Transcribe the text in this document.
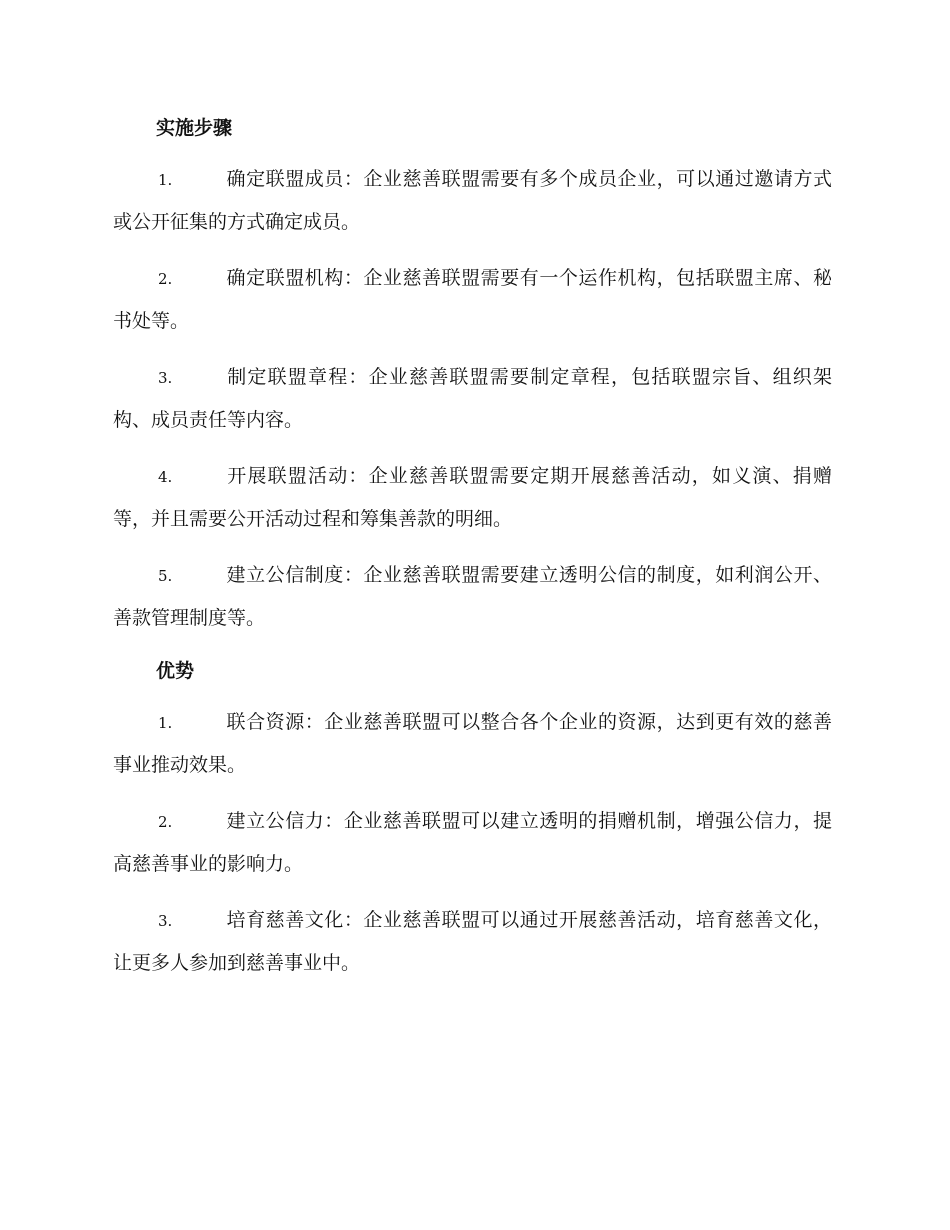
实施步骤
1.	确定联盟成员：企业慈善联盟需要有多个成员企业，可以通过邀请方式或公开征集的方式确定成员。
2.	确定联盟机构：企业慈善联盟需要有一个运作机构，包括联盟主席、秘书处等。
3.	制定联盟章程：企业慈善联盟需要制定章程，包括联盟宗旨、组织架构、成员责任等内容。
4.	开展联盟活动：企业慈善联盟需要定期开展慈善活动，如义演、捐赠等，并且需要公开活动过程和筹集善款的明细。
5.	建立公信制度：企业慈善联盟需要建立透明公信的制度，如利润公开、善款管理制度等。
优势
1.	联合资源：企业慈善联盟可以整合各个企业的资源，达到更有效的慈善事业推动效果。
2.	建立公信力：企业慈善联盟可以建立透明的捐赠机制，增强公信力，提高慈善事业的影响力。
3.	培育慈善文化：企业慈善联盟可以通过开展慈善活动，培育慈善文化，让更多人参加到慈善事业中。
